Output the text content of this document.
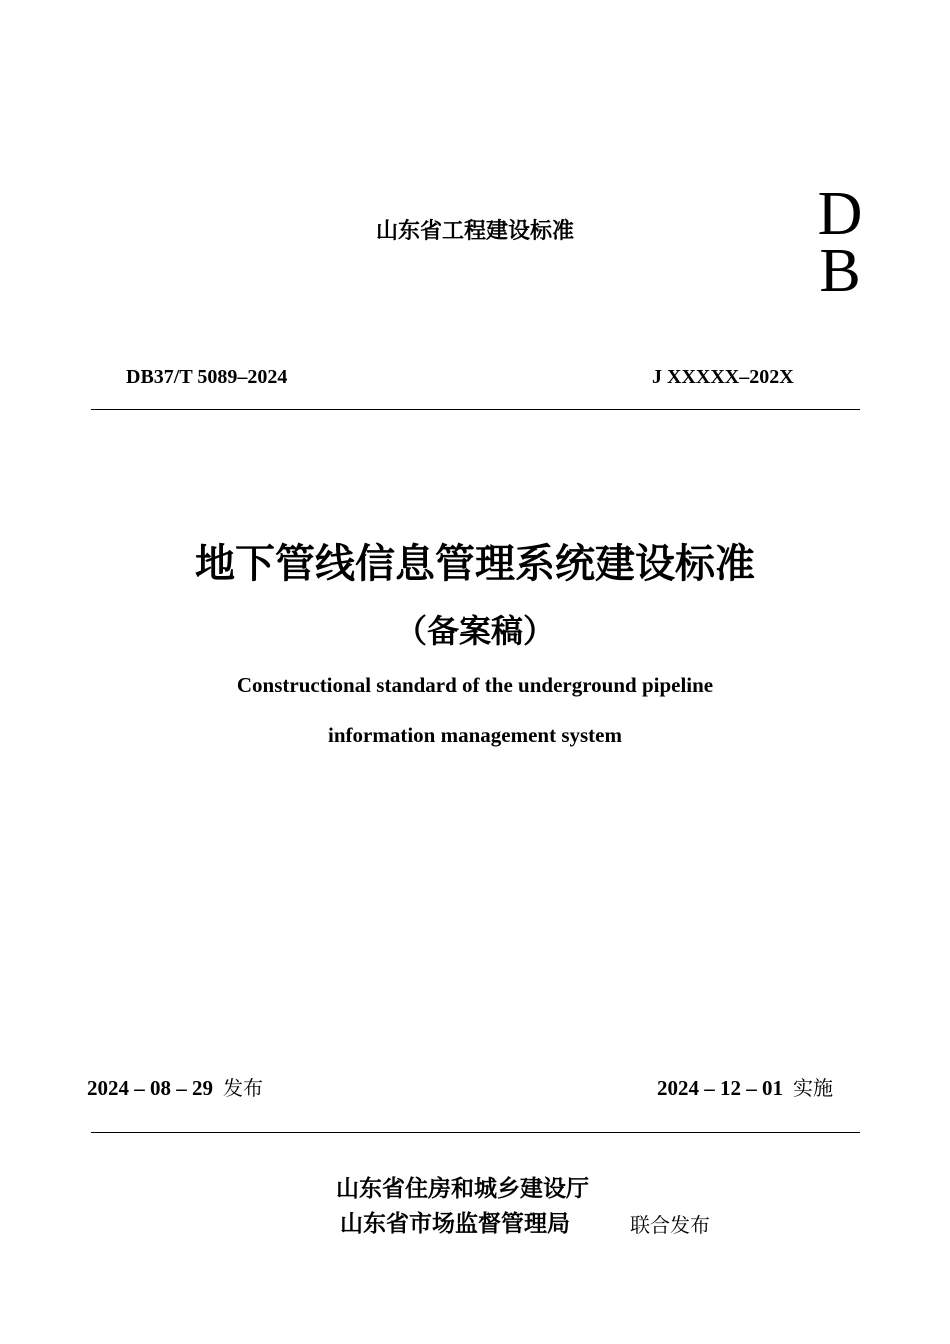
山东省工程建设标准	D
B
DB37/T 5089–2024	J XXXXX–202X
地下管线信息管理系统建设标准
（备案稿）
Constructional standard of the underground pipeline
information management system
2024 – 08 – 29 发布	2024 – 12 – 01 实施
山东省住房和城乡建设厅
山东省市场监督管理局	联合发布
